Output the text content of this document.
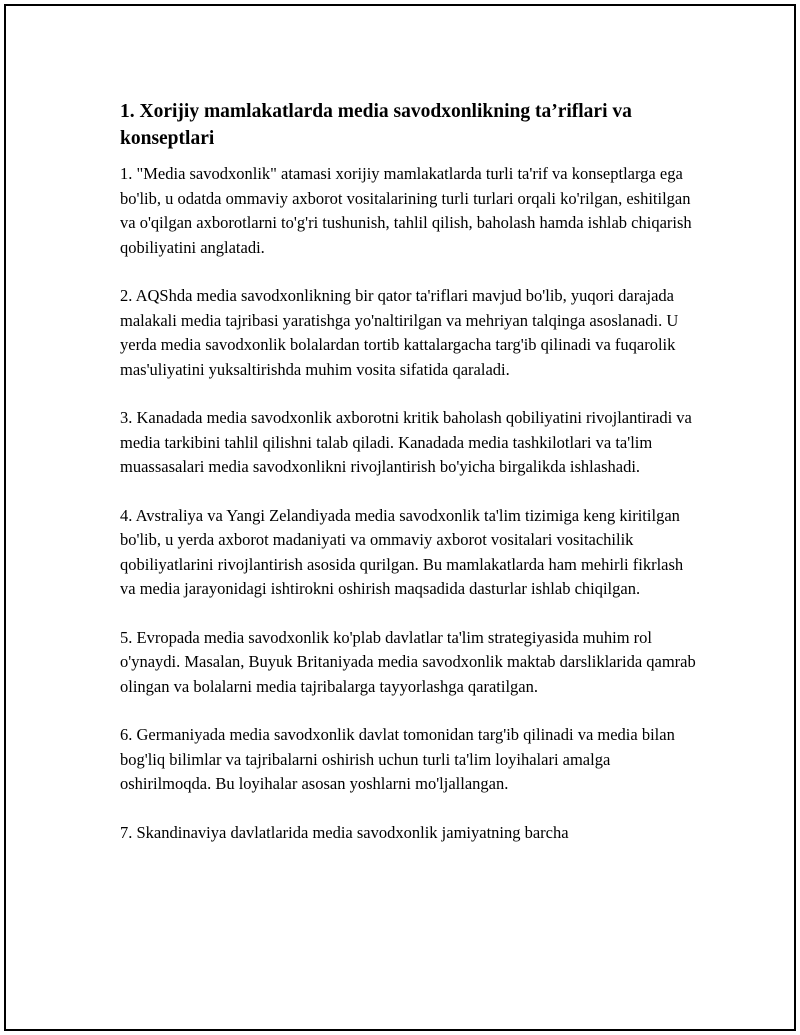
1. Xorijiy mamlakatlarda media savodxonlikning ta’riflari va konseptlari

1. "Media savodxonlik" atamasi xorijiy mamlakatlarda turli ta'rif va konseptlarga ega bo'lib, u odatda ommaviy axborot vositalarining turli turlari orqali ko'rilgan, eshitilgan va o'qilgan axborotlarni to'g'ri tushunish, tahlil qilish, baholash hamda ishlab chiqarish qobiliyatini anglatadi.

2. AQShda media savodxonlikning bir qator ta'riflari mavjud bo'lib, yuqori darajada malakali media tajribasi yaratishga yo'naltirilgan va mehriyan talqinga asoslanadi. U yerda media savodxonlik bolalardan tortib kattalargacha targ'ib qilinadi va fuqarolik mas'uliyatini yuksaltirishda muhim vosita sifatida qaraladi.

3. Kanadada media savodxonlik axborotni kritik baholash qobiliyatini rivojlantiradi va media tarkibini tahlil qilishni talab qiladi. Kanadada media tashkilotlari va ta'lim muassasalari media savodxonlikni rivojlantirish bo'yicha birgalikda ishlashadi.

4. Avstraliya va Yangi Zelandiyada media savodxonlik ta'lim tizimiga keng kiritilgan bo'lib, u yerda axborot madaniyati va ommaviy axborot vositalari vositachilik qobiliyatlarini rivojlantirish asosida qurilgan. Bu mamlakatlarda ham mehirli fikrlash va media jarayonidagi ishtirokni oshirish maqsadida dasturlar ishlab chiqilgan.

5. Evropada media savodxonlik ko'plab davlatlar ta'lim strategiyasida muhim rol o'ynaydi. Masalan, Buyuk Britaniyada media savodxonlik maktab darsliklarida qamrab olingan va bolalarni media tajribalarga tayyorlashga qaratilgan.

6. Germaniyada media savodxonlik davlat tomonidan targ'ib qilinadi va media bilan bog'liq bilimlar va tajribalarni oshirish uchun turli ta'lim loyihalari amalga oshirilmoqda. Bu loyihalar asosan yoshlarni mo'ljallangan.

7. Skandinaviya davlatlarida media savodxonlik jamiyatning barcha
